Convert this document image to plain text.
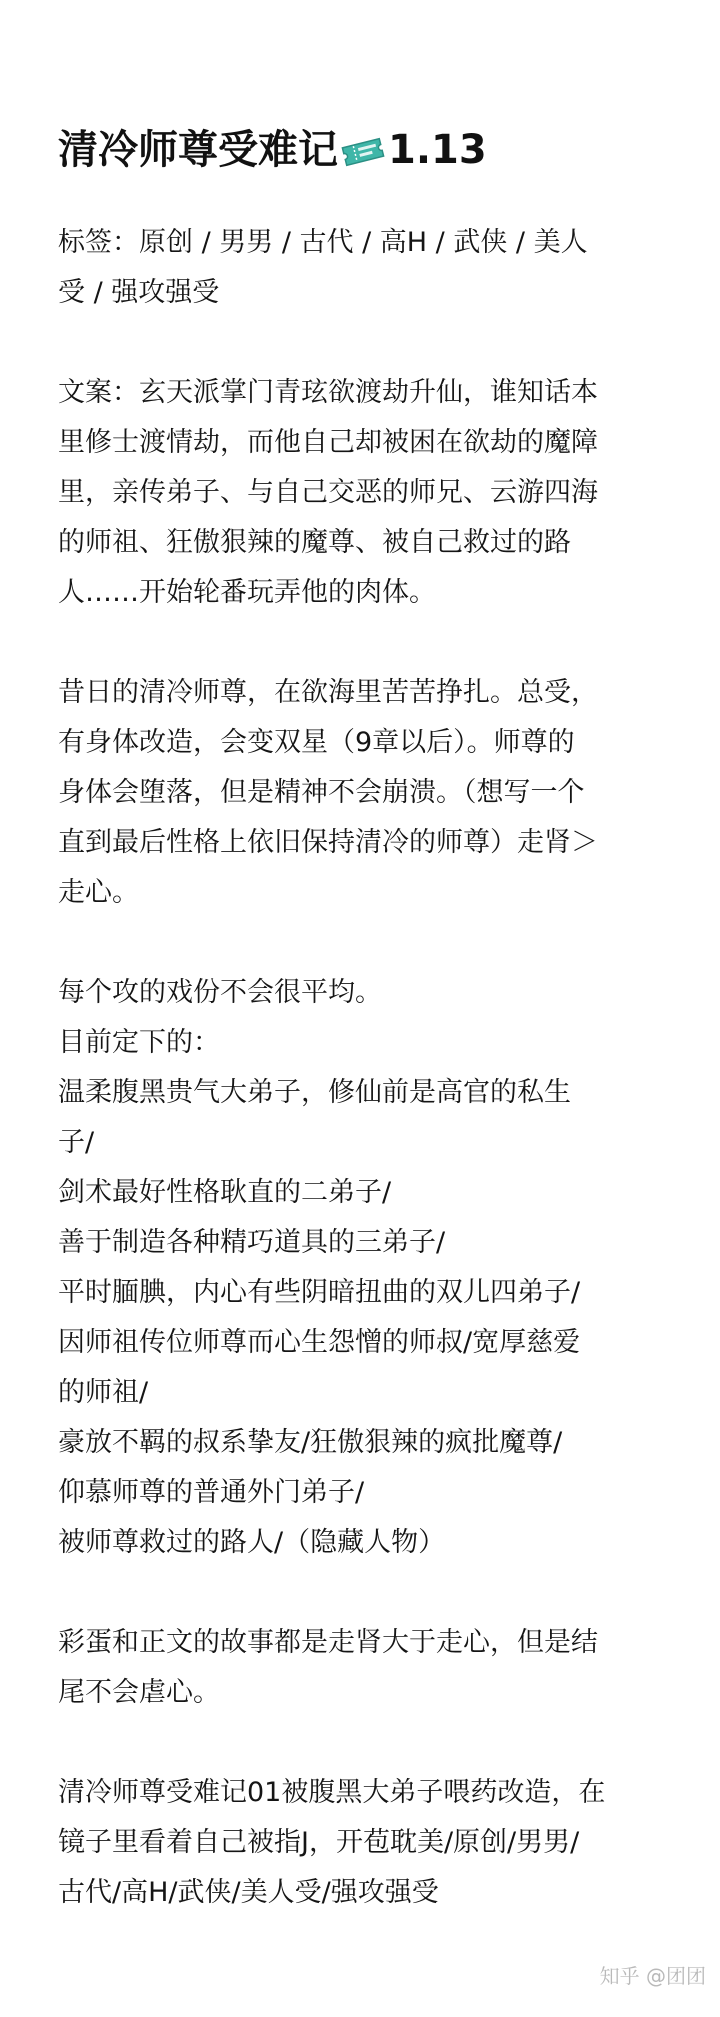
清冷师尊受难记 1.13
标签：原创 / 男男 / 古代 / 高H / 武侠 / 美人
受 / 强攻强受
文案：玄天派掌门青玹欲渡劫升仙，谁知话本
里修士渡情劫，而他自己却被困在欲劫的魔障
里，亲传弟子、与自己交恶的师兄、云游四海
的师祖、狂傲狠辣的魔尊、被自己救过的路
人……开始轮番玩弄他的肉体。
昔日的清冷师尊，在欲海里苦苦挣扎。总受，
有身体改造，会变双星（9章以后）。师尊的
身体会堕落，但是精神不会崩溃。（想写一个
直到最后性格上依旧保持清冷的师尊）走肾＞
走心。
每个攻的戏份不会很平均。
目前定下的：
温柔腹黑贵气大弟子，修仙前是高官的私生
子/
剑术最好性格耿直的二弟子/
善于制造各种精巧道具的三弟子/
平时腼腆，内心有些阴暗扭曲的双儿四弟子/
因师祖传位师尊而心生怨憎的师叔/宽厚慈爱
的师祖/
豪放不羁的叔系挚友/狂傲狠辣的疯批魔尊/
仰慕师尊的普通外门弟子/
被师尊救过的路人/（隐藏人物）
彩蛋和正文的故事都是走肾大于走心，但是结
尾不会虐心。
清冷师尊受难记01被腹黑大弟子喂药改造，在
镜子里看着自己被指J，开苞耽美/原创/男男/
古代/高H/武侠/美人受/强攻强受
知乎 @团团
